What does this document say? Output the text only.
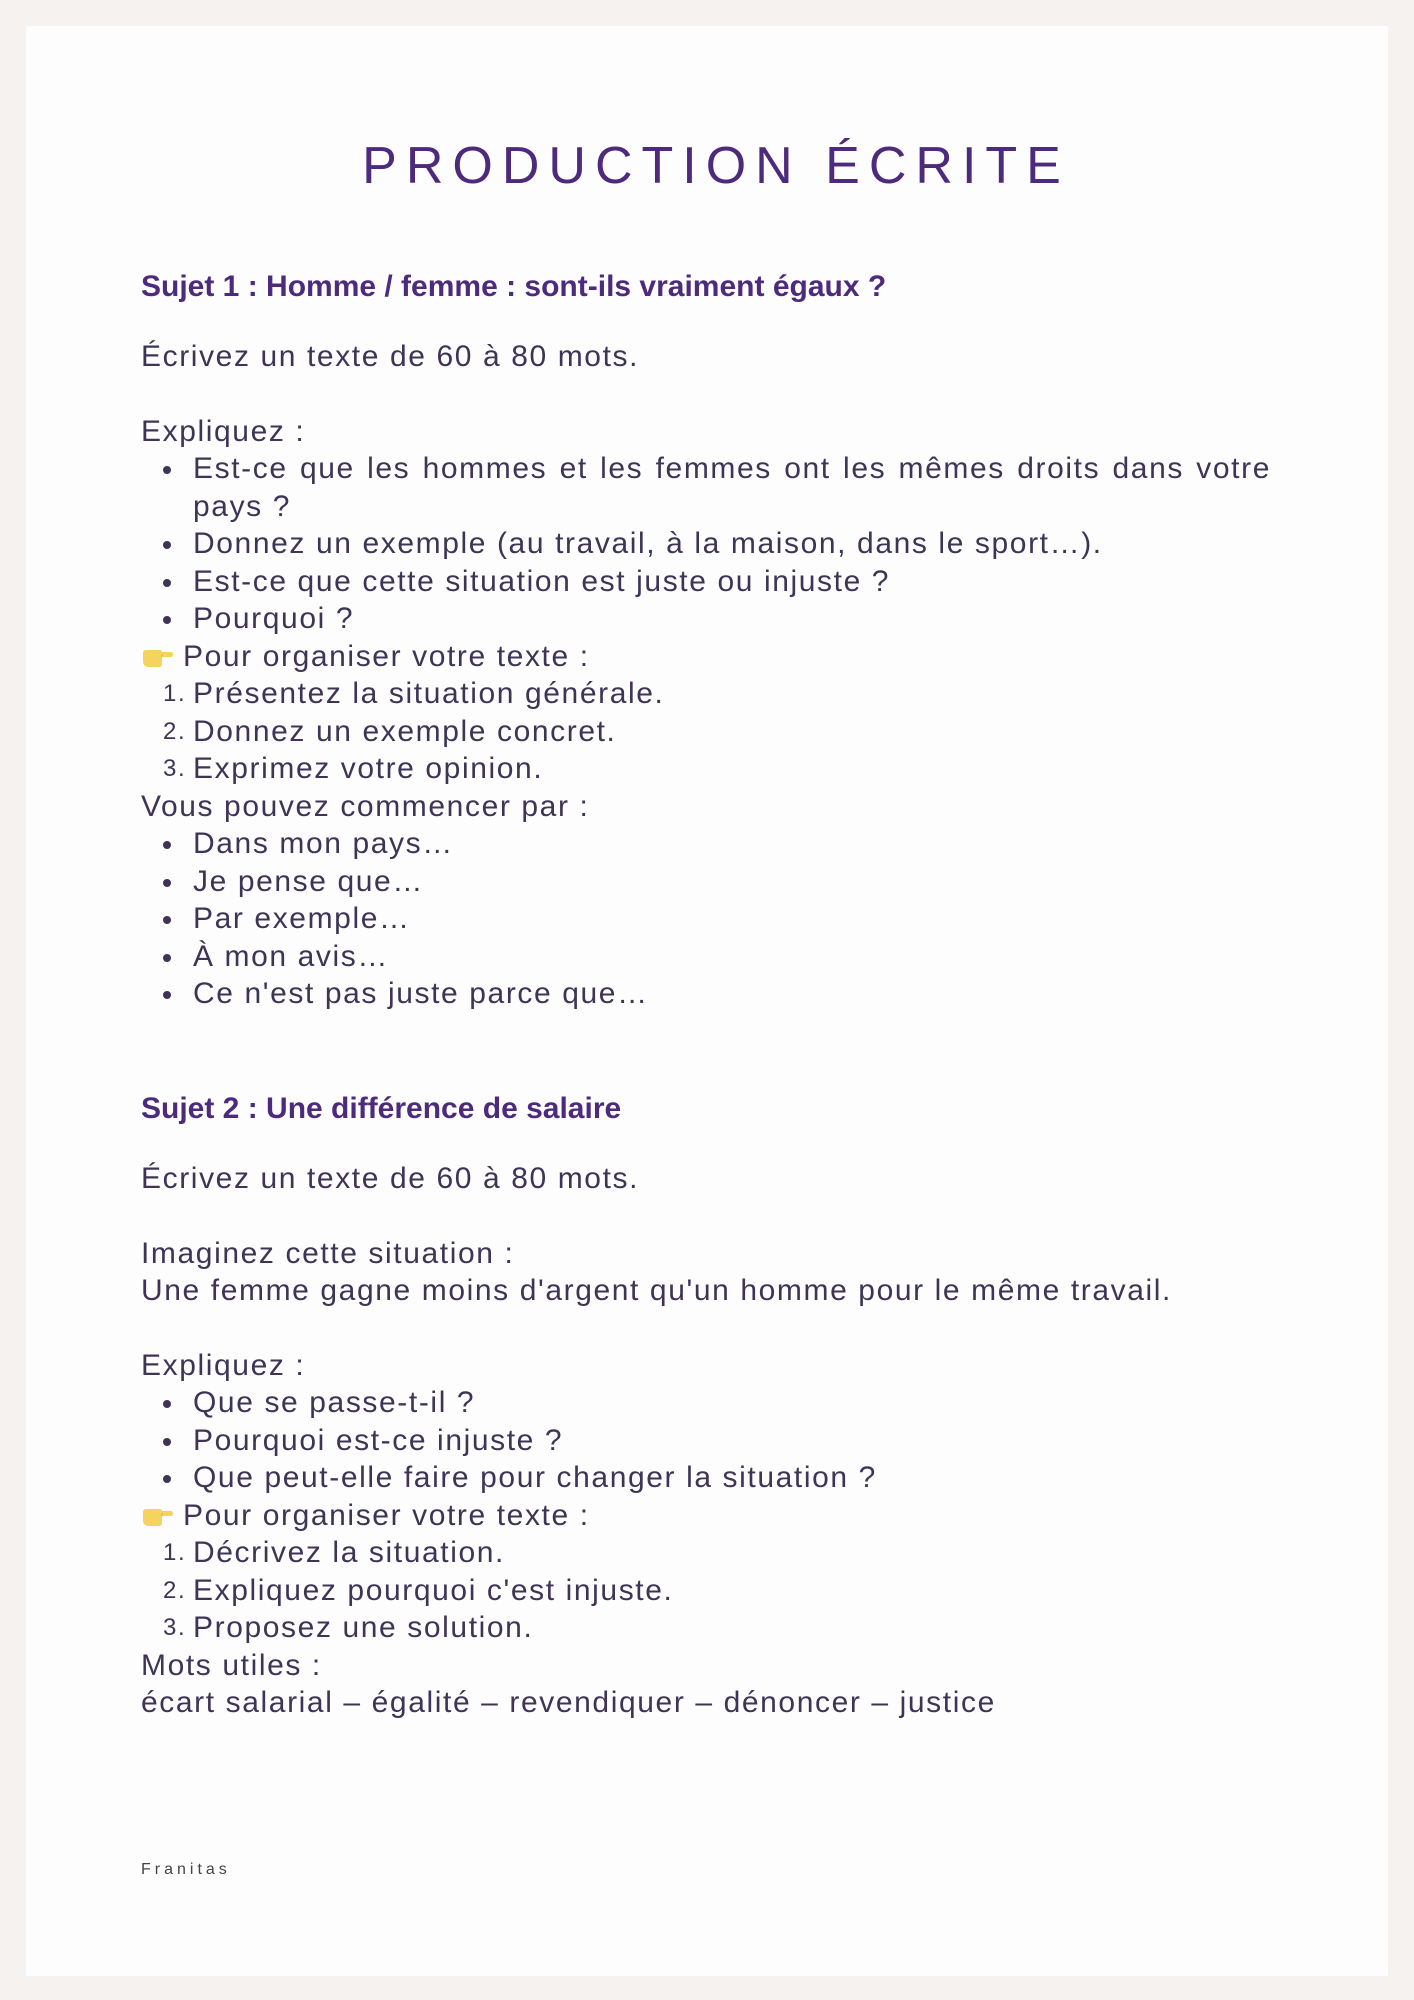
PRODUCTION ÉCRITE
Sujet 1 : Homme / femme : sont-ils vraiment égaux ?

Écrivez un texte de 60 à 80 mots.

Expliquez :

Est-ce que les hommes et les femmes ont les mêmes droits dans votre pays ?
Donnez un exemple (au travail, à la maison, dans le sport…).
Est-ce que cette situation est juste ou injuste ?
Pourquoi ?
Pour organiser votre texte :
1. Présentez la situation générale.
2. Donnez un exemple concret.
3. Exprimez votre opinion.

Vous pouvez commencer par :

Dans mon pays…
Je pense que…
Par exemple…
À mon avis…
Ce n'est pas juste parce que…
Sujet 2 : Une différence de salaire

Écrivez un texte de 60 à 80 mots.

Imaginez cette situation :

Une femme gagne moins d'argent qu'un homme pour le même travail.

Expliquez :

Que se passe-t-il ?
Pourquoi est-ce injuste ?
Que peut-elle faire pour changer la situation ?
Pour organiser votre texte :
1. Décrivez la situation.
2. Expliquez pourquoi c'est injuste.
3. Proposez une solution.

Mots utiles :

écart salarial – égalité – revendiquer – dénoncer – justice

Franitas
